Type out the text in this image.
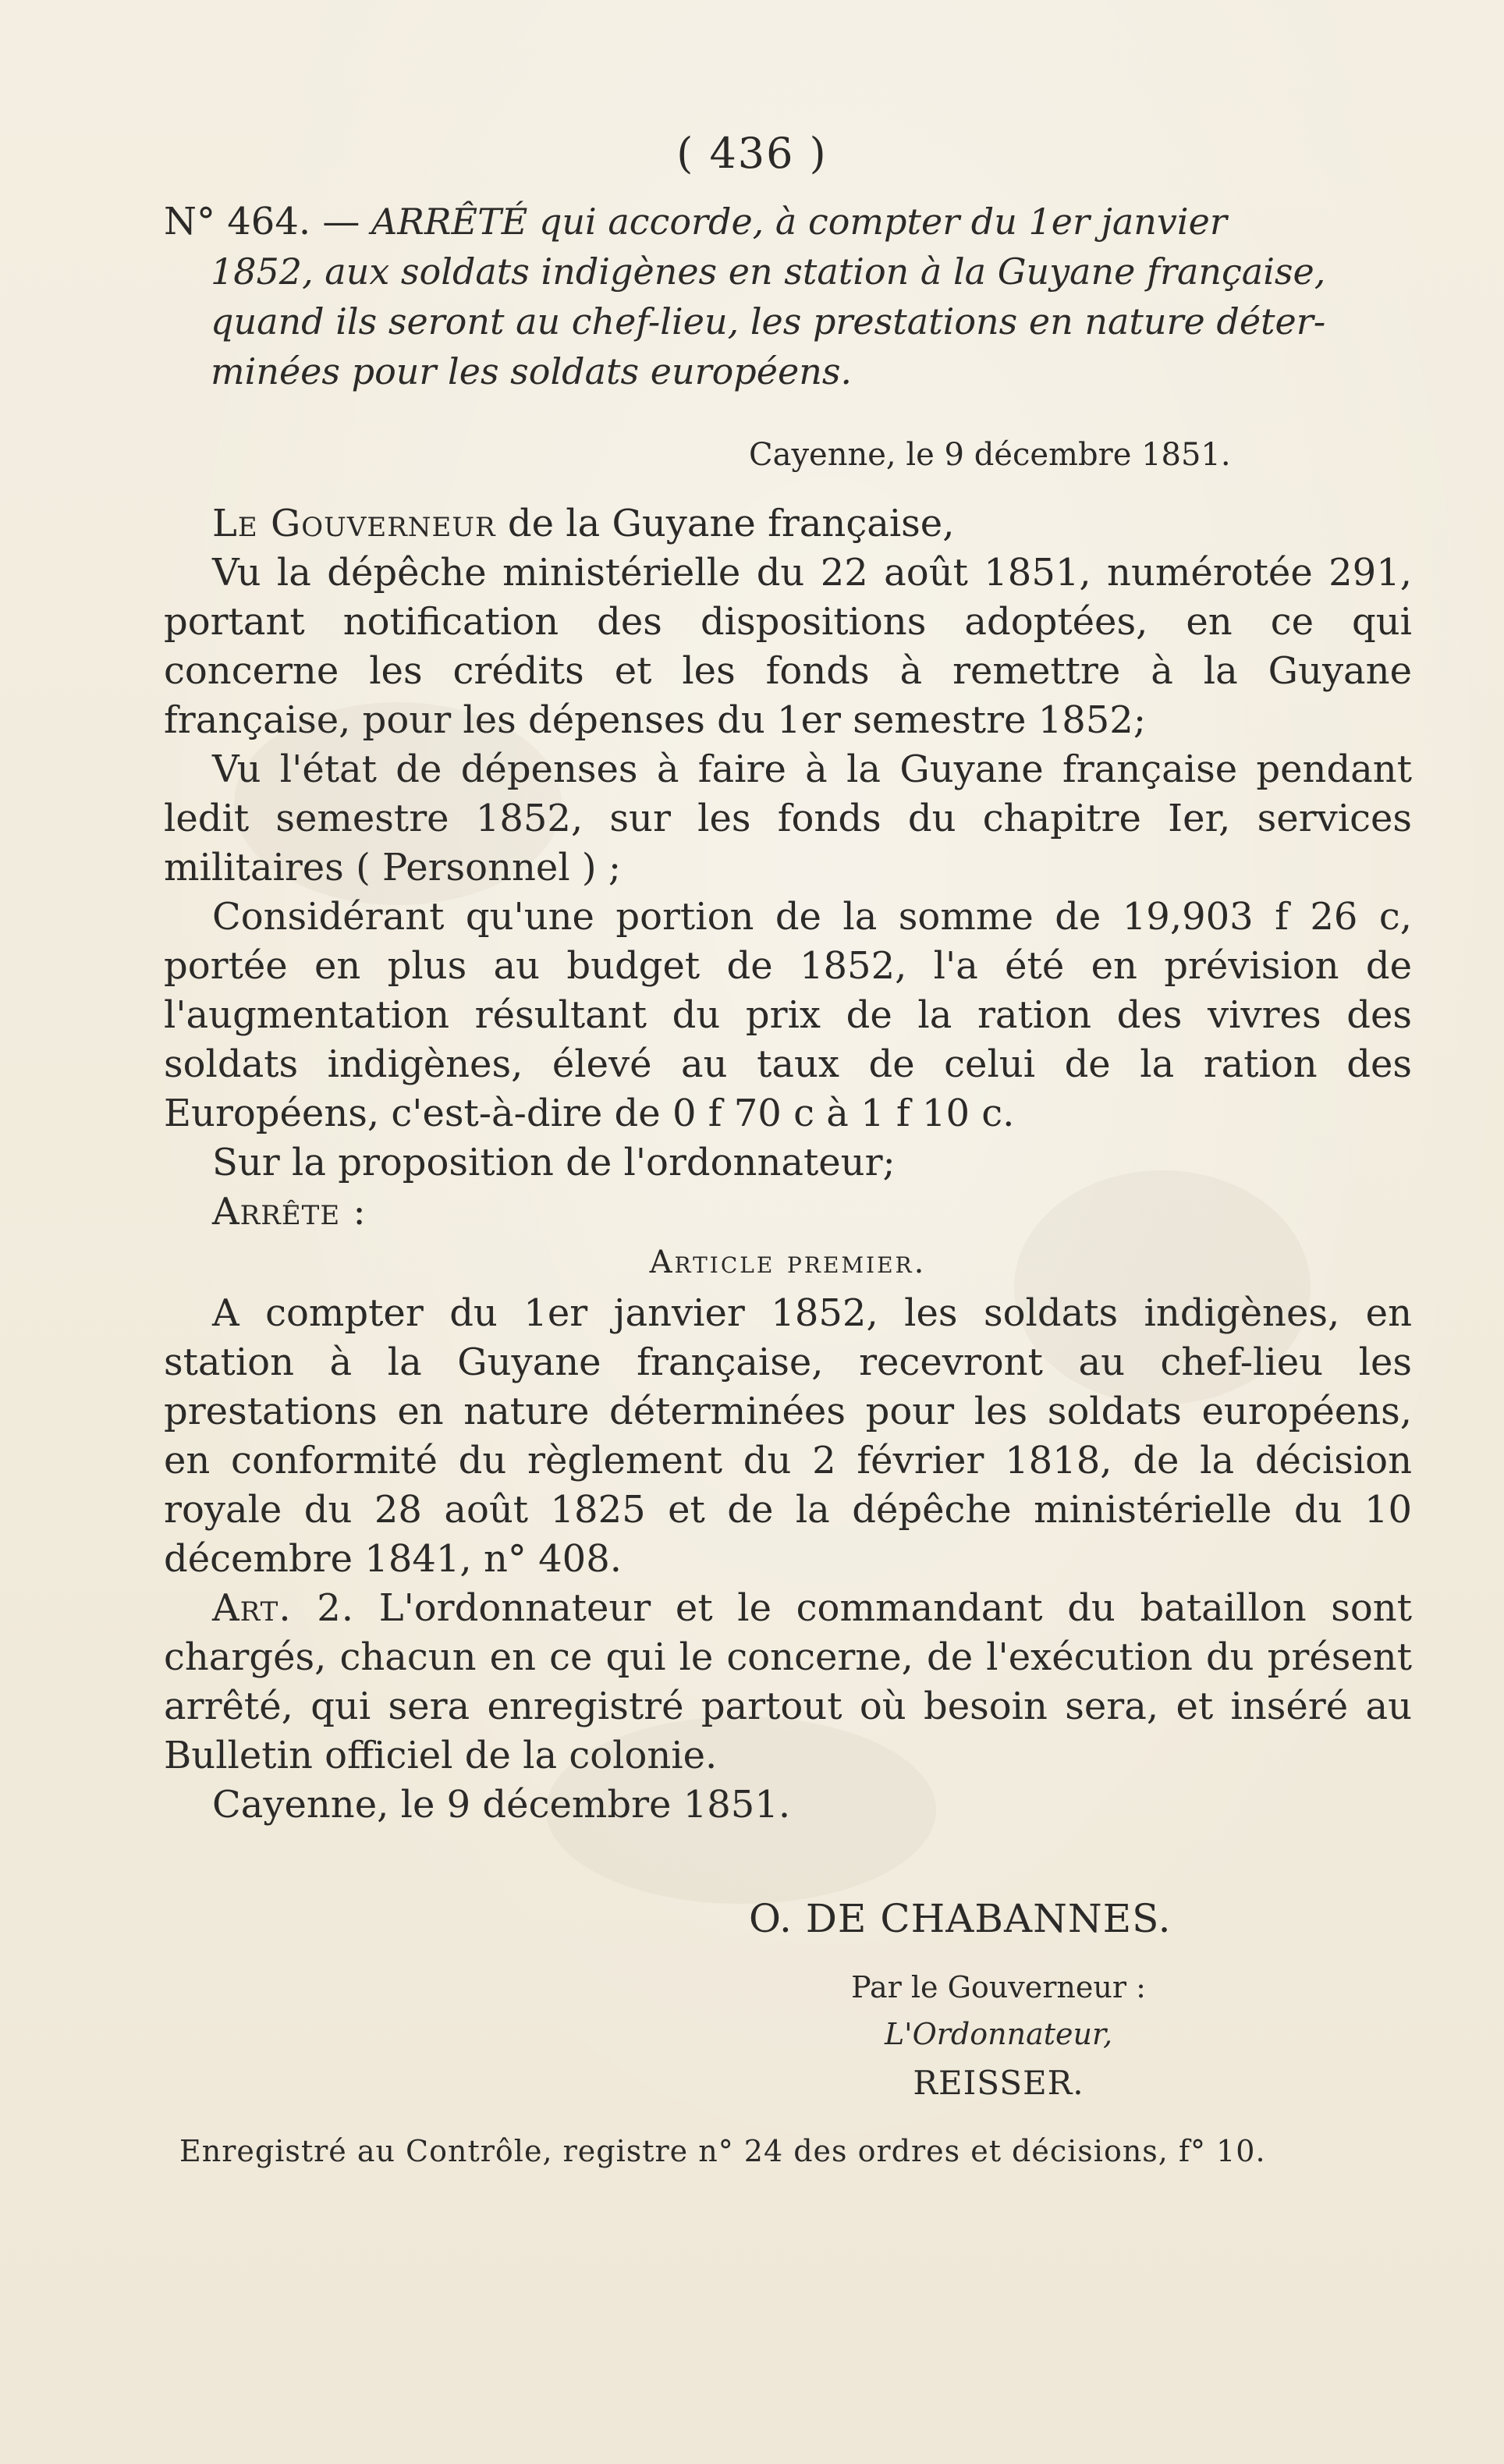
( 436 )
N° 464. — ARRÊTÉ qui accorde, à compter du 1er janvier
1852, aux soldats indigènes en station à la Guyane française,
quand ils seront au chef-lieu, les prestations en nature déter-
minées pour les soldats européens.
Cayenne, le 9 décembre 1851.

Le Gouverneur de la Guyane française,

Vu la dépêche ministérielle du 22 août 1851, numérotée 291, portant notification des dispositions adoptées, en ce qui concerne les crédits et les fonds à remettre à la Guyane française, pour les dépenses du 1er semestre 1852;

Vu l'état de dépenses à faire à la Guyane française pendant ledit semestre 1852, sur les fonds du chapitre Ier, services militaires ( Personnel ) ;

Considérant qu'une portion de la somme de 19,903 f 26 c, portée en plus au budget de 1852, l'a été en prévision de l'augmentation résultant du prix de la ration des vivres des soldats indigènes, élevé au taux de celui de la ration des Européens, c'est-à-dire de 0 f 70 c à 1 f 10 c.

Sur la proposition de l'ordonnateur;

Arrête :

Article premier.

A compter du 1er janvier 1852, les soldats indigènes, en station à la Guyane française, recevront au chef-lieu les prestations en nature déterminées pour les soldats européens, en conformité du règlement du 2 février 1818, de la décision royale du 28 août 1825 et de la dépêche ministérielle du 10 décembre 1841, n° 408.

Art. 2. L'ordonnateur et le commandant du bataillon sont chargés, chacun en ce qui le concerne, de l'exécution du présent arrêté, qui sera enregistré partout où besoin sera, et inséré au Bulletin officiel de la colonie.

Cayenne, le 9 décembre 1851.

O. DE CHABANNES.
Par le Gouverneur :
L'Ordonnateur,
REISSER.
Enregistré au Contrôle, registre n° 24 des ordres et décisions, f° 10.
